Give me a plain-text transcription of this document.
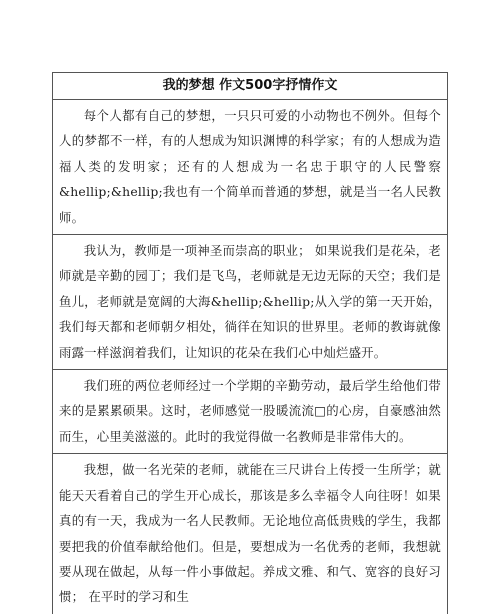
我的梦想 作文500字抒情作文
每个人都有自己的梦想，一只只可爱的小动物也不例外。但每个人的梦都不一样，有的人想成为知识渊博的科学家；有的人想成为造福人类的发明家；还有的人想成为一名忠于职守的人民警察&hellip;&hellip;我也有一个简单而普通的梦想，就是当一名人民教师。
我认为，教师是一项神圣而崇高的职业； 如果说我们是花朵，老师就是辛勤的园丁；我们是飞鸟，老师就是无边无际的天空；我们是鱼儿，老师就是宽阔的大海&hellip;&hellip;从入学的第一天开始，我们每天都和老师朝夕相处，徜徉在知识的世界里。老师的教诲就像雨露一样滋润着我们，让知识的花朵在我们心中灿烂盛开。
我们班的两位老师经过一个学期的辛勤劳动，最后学生给他们带来的是累累硕果。这时，老师感觉一股暖流流□的心房，自豪感油然而生，心里美滋滋的。此时的我觉得做一名教师是非常伟大的。
我想，做一名光荣的老师，就能在三尺讲台上传授一生所学；就能天天看着自己的学生开心成长，那该是多么幸福令人向往呀！如果真的有一天，我成为一名人民教师。无论地位高低贵贱的学生，我都要把我的价值奉献给他们。但是，要想成为一名优秀的老师，我想就要从现在做起，从每一件小事做起。养成文雅、和气、宽容的良好习惯； 在平时的学习和生
